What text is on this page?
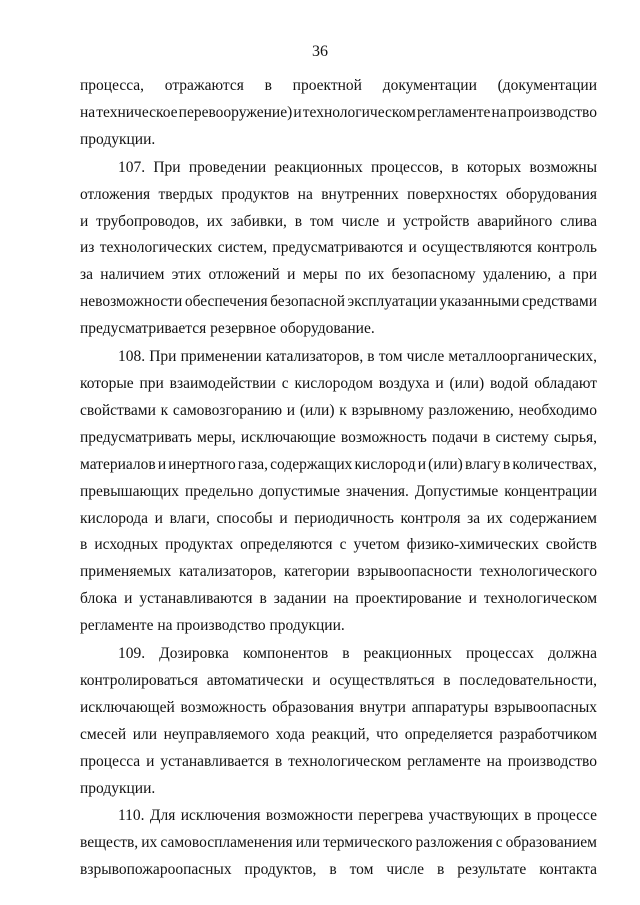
36
процесса, отражаются в проектной документации (документации
на техническое перевооружение) и технологическом регламенте на производство
продукции.
107. При проведении реакционных процессов, в которых возможны
отложения твердых продуктов на внутренних поверхностях оборудования
и трубопроводов, их забивки, в том числе и устройств аварийного слива
из технологических систем, предусматриваются и осуществляются контроль
за наличием этих отложений и меры по их безопасному удалению, а при
невозможности обеспечения безопасной эксплуатации указанными средствами
предусматривается резервное оборудование.
108. При применении катализаторов, в том числе металлоорганических,
которые при взаимодействии с кислородом воздуха и (или) водой обладают
свойствами к самовозгоранию и (или) к взрывному разложению, необходимо
предусматривать меры, исключающие возможность подачи в систему сырья,
материалов и инертного газа, содержащих кислород и (или) влагу в количествах,
превышающих предельно допустимые значения. Допустимые концентрации
кислорода и влаги, способы и периодичность контроля за их содержанием
в исходных продуктах определяются с учетом физико-химических свойств
применяемых катализаторов, категории взрывоопасности технологического
блока и устанавливаются в задании на проектирование и технологическом
регламенте на производство продукции.
109. Дозировка компонентов в реакционных процессах должна
контролироваться автоматически и осуществляться в последовательности,
исключающей возможность образования внутри аппаратуры взрывоопасных
смесей или неуправляемого хода реакций, что определяется разработчиком
процесса и устанавливается в технологическом регламенте на производство
продукции.
110. Для исключения возможности перегрева участвующих в процессе
веществ, их самовоспламенения или термического разложения с образованием
взрывопожароопасных продуктов, в том числе в результате контакта
